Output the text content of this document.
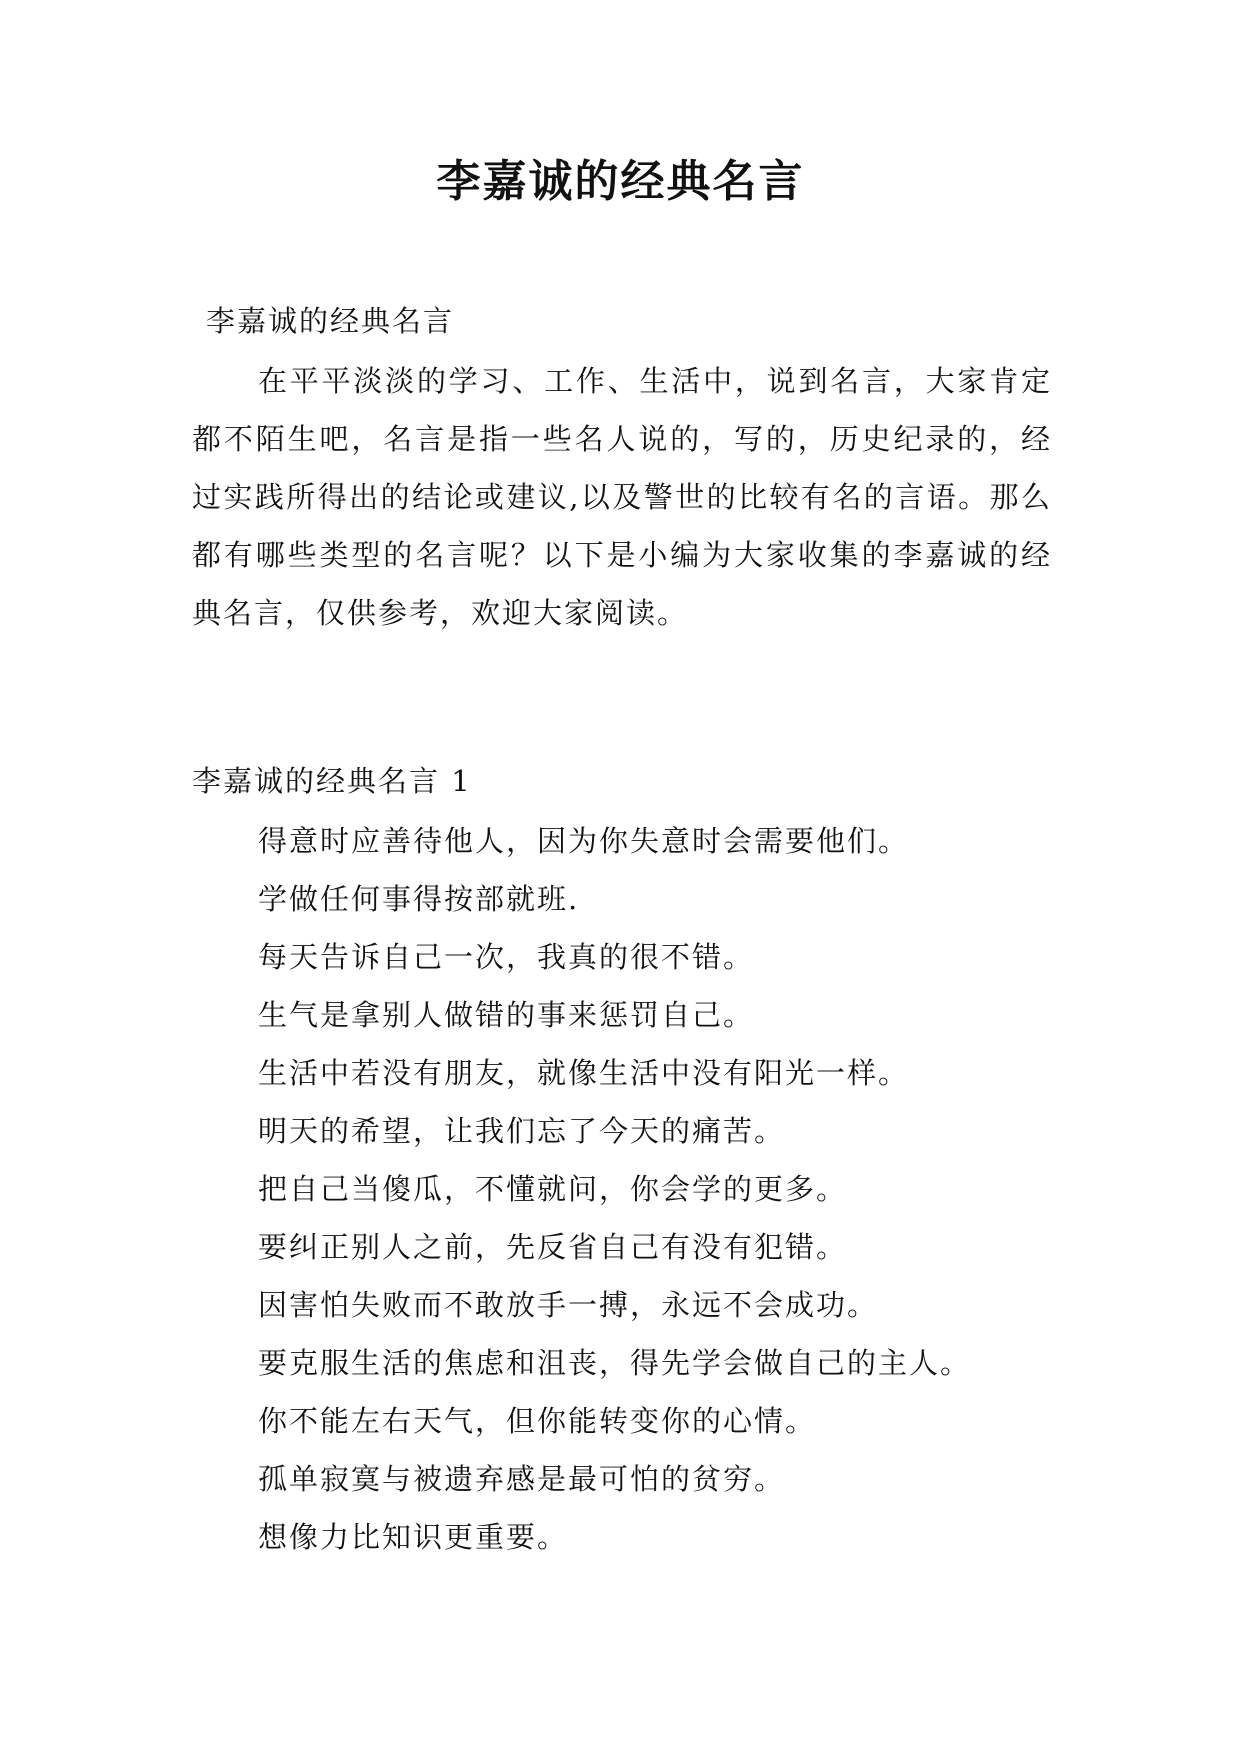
李嘉诚的经典名言

李嘉诚的经典名言

在平平淡淡的学习、工作、生活中，说到名言，大家肯定都不陌生吧，名言是指一些名人说的，写的，历史纪录的，经过实践所得出的结论或建议,以及警世的比较有名的言语。那么都有哪些类型的名言呢？以下是小编为大家收集的李嘉诚的经典名言，仅供参考，欢迎大家阅读。

李嘉诚的经典名言 1

得意时应善待他人，因为你失意时会需要他们。
学做任何事得按部就班.
每天告诉自己一次，我真的很不错。
生气是拿别人做错的事来惩罚自己。
生活中若没有朋友，就像生活中没有阳光一样。
明天的希望，让我们忘了今天的痛苦。
把自己当傻瓜，不懂就问，你会学的更多。
要纠正别人之前，先反省自己有没有犯错。
因害怕失败而不敢放手一搏，永远不会成功。
要克服生活的焦虑和沮丧，得先学会做自己的主人。
你不能左右天气，但你能转变你的心情。
孤单寂寞与被遗弃感是最可怕的贫穷。
想像力比知识更重要。
